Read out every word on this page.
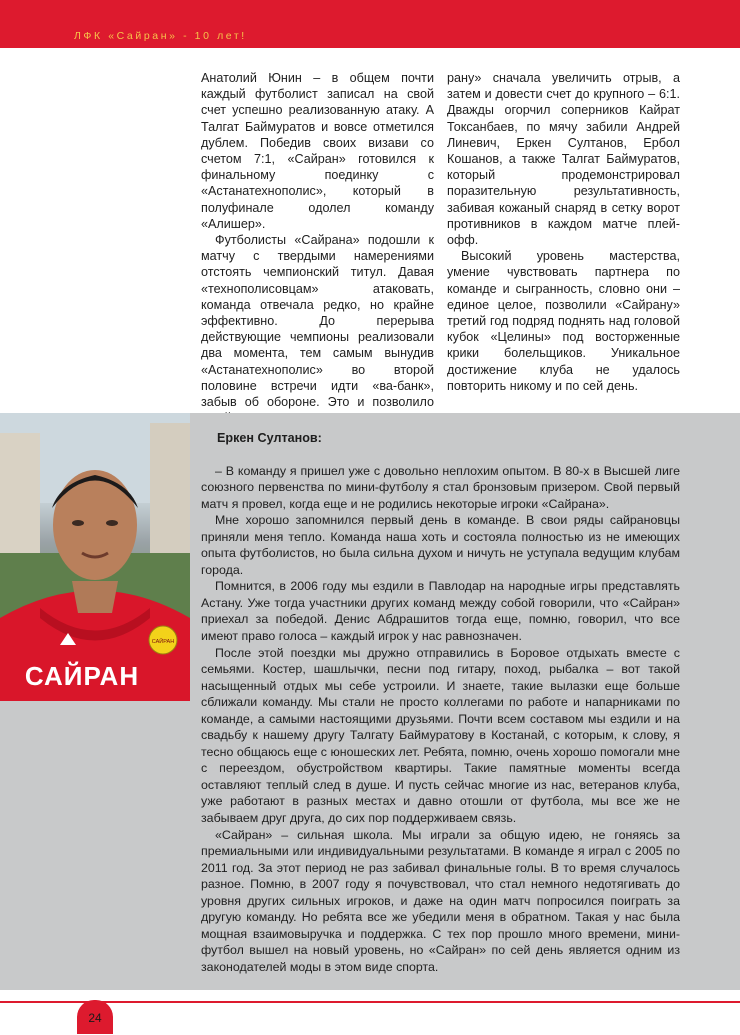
ЛФК «Сайран» - 10 лет!

Анатолий Юнин – в общем почти каждый футболист записал на свой счет успешно реализованную атаку. А Талгат Баймуратов и вовсе отметился дублем. Победив своих визави со счетом 7:1, «Сайран» готовился к финальному поединку с «Астанатехнополис», который в полуфинале одолел команду «Алишер».

Футболисты «Сайрана» подошли к матчу с твердыми намерениями отстоять чемпионский титул. Давая «технополисовцам» атаковать, команда отвечала редко, но крайне эффективно. До перерыва действующие чемпионы реализовали два момента, тем самым вынудив «Астанатехнополис» во второй половине встречи идти «ва-банк», забыв об обороне. Это и позволило

рану» сначала увеличить отрыв, а затем и довести счет до крупного – 6:1. Дважды огорчил соперников Кайрат Токсанбаев, по мячу забили Андрей Линевич, Еркен Султанов, Ербол Кошанов, а также Талгат Баймуратов, который продемонстрировал поразительную результативность, забивая кожаный снаряд в сетку ворот противников в каждом матче плей-офф.

Высокий уровень мастерства, умение чувствовать партнера по команде и сыгранность, словно они – единое целое, позволили «Сайрану» третий год подряд поднять над головой кубок «Целины» под восторженные крики болельщиков. Уникальное достижение клуба не удалось повторить никому и по сей день.

САЙРАН
САЙРАН
Еркен Султанов:

– В команду я пришел уже с довольно неплохим опытом. В 80-х в Высшей лиге союзного первенства по мини-футболу я стал бронзовым призером. Свой первый матч я провел, когда еще и не родились некоторые игроки «Сайрана».

Мне хорошо запомнился первый день в команде. В свои ряды сайрановцы приняли меня тепло. Команда наша хоть и состояла полностью из не имеющих опыта футболистов, но была сильна духом и ничуть не уступала ведущим клубам города.

Помнится, в 2006 году мы ездили в Павлодар на народные игры представлять Астану. Уже тогда участники других команд между собой говорили, что «Сайран» приехал за победой. Денис Абдрашитов тогда еще, помню, говорил, что все имеют право голоса – каждый игрок у нас равнозначен.

После этой поездки мы дружно отправились в Боровое отдыхать вместе с семьями. Костер, шашлычки, песни под гитару, поход, рыбалка – вот такой насыщенный отдых мы себе устроили. И знаете, такие вылазки еще больше сближали команду. Мы стали не просто коллегами по работе и напарниками по команде, а самыми настоящими друзьями. Почти всем составом мы ездили и на свадьбу к нашему другу Талгату Баймуратову в Костанай, с которым, к слову, я тесно общаюсь еще с юношеских лет. Ребята, помню, очень хорошо помогали мне с переездом, обустройством квартиры. Такие памятные моменты всегда оставляют теплый след в душе. И пусть сейчас многие из нас, ветеранов клуба, уже работают в разных местах и давно отошли от футбола, мы все же не забываем друг друга, до сих пор поддерживаем связь.

«Сайран» – сильная школа. Мы играли за общую идею, не гоняясь за премиальными или индивидуальными результатами. В команде я играл с 2005 по 2011 год. За этот период не раз забивал финальные голы. В то время случалось разное. Помню, в 2007 году я почувствовал, что стал немного недотягивать до уровня других сильных игроков, и даже на один матч попросился поиграть за другую команду. Но ребята все же убедили меня в обратном. Такая у нас была мощная взаимовыручка и поддержка. С тех пор прошло много времени, мини-футбол вышел на новый уровень, но «Сайран» по сей день является одним из законодателей моды в этом виде спорта.

24
